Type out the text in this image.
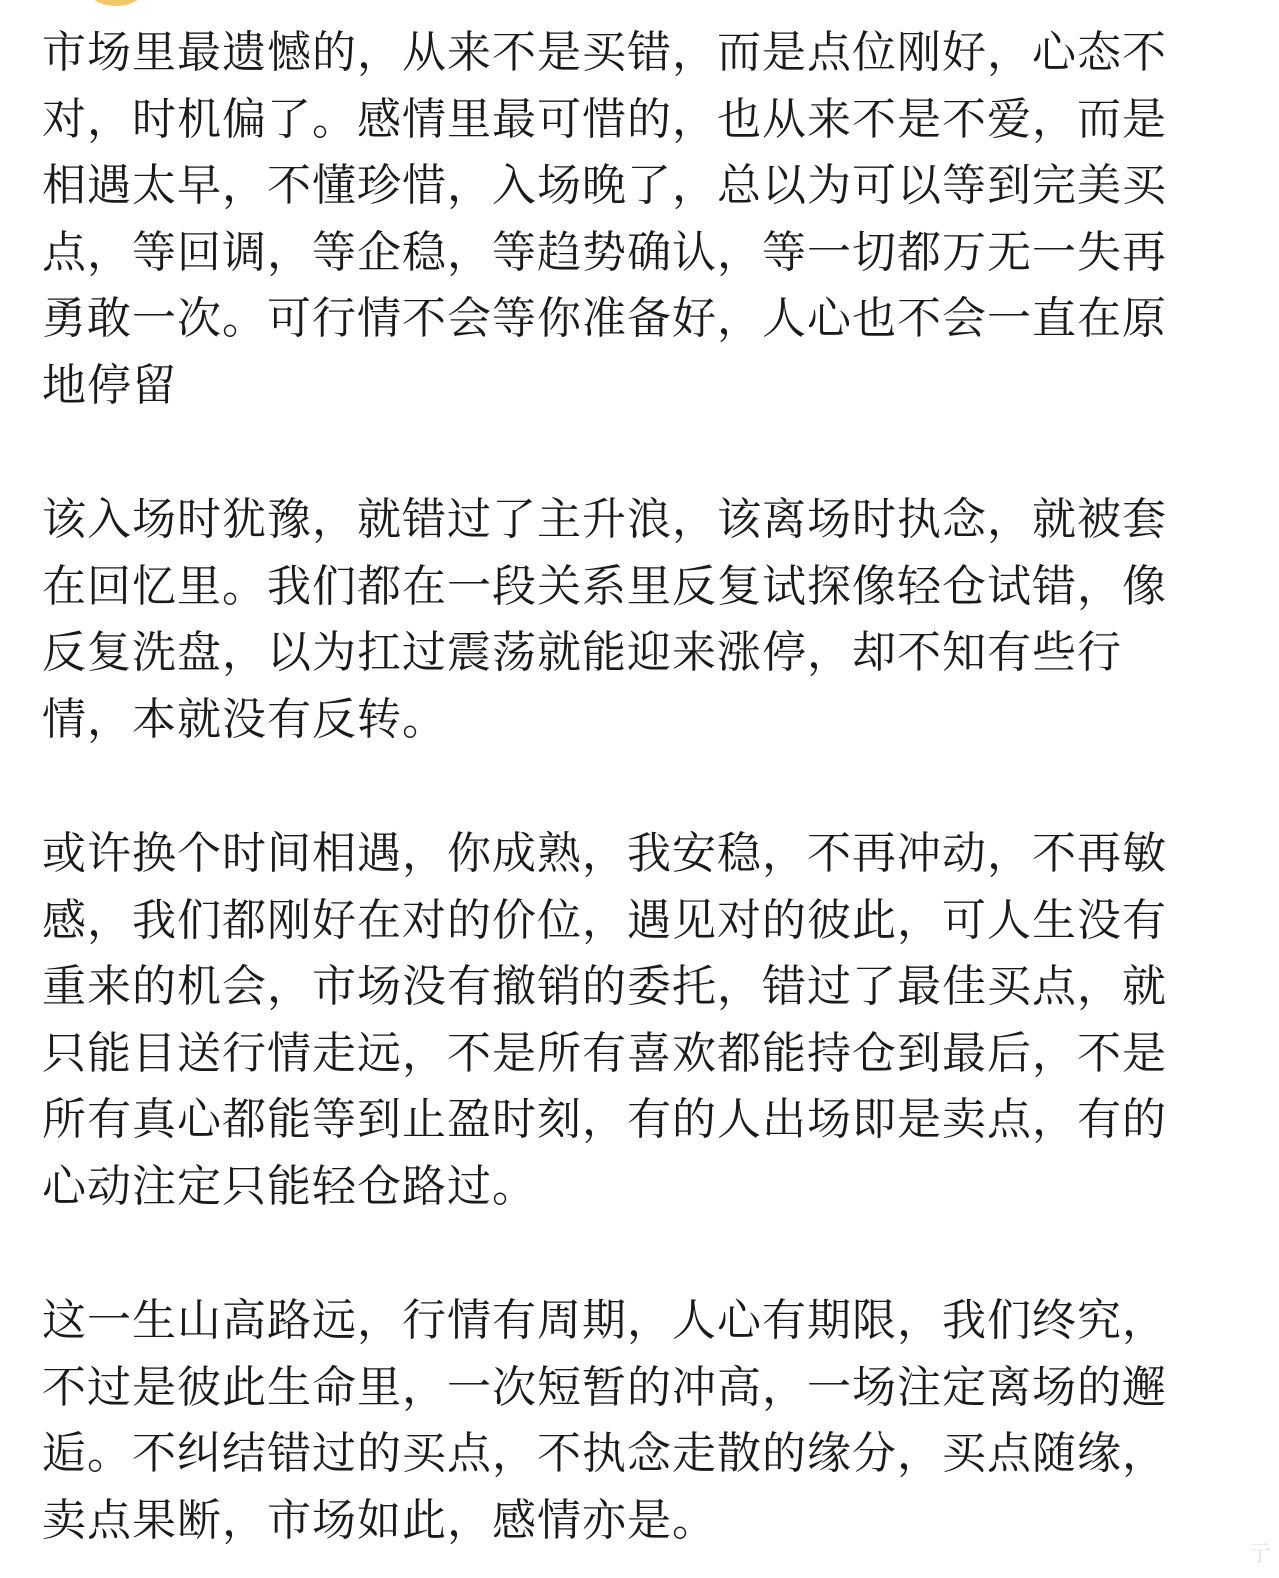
市场里最遗憾的，从来不是买错，而是点位刚好，心态不对，时机偏了。感情里最可惜的，也从来不是不爱，而是相遇太早，不懂珍惜，入场晚了，总以为可以等到完美买点，等回调，等企稳，等趋势确认，等一切都万无一失再勇敢一次。可行情不会等你准备好，人心也不会一直在原地停留

该入场时犹豫，就错过了主升浪，该离场时执念，就被套在回忆里。我们都在一段关系里反复试探像轻仓试错，像反复洗盘，以为扛过震荡就能迎来涨停，却不知有些行情，本就没有反转。

或许换个时间相遇，你成熟，我安稳，不再冲动，不再敏感，我们都刚好在对的价位，遇见对的彼此，可人生没有重来的机会，市场没有撤销的委托，错过了最佳买点，就只能目送行情走远，不是所有喜欢都能持仓到最后，不是所有真心都能等到止盈时刻，有的人出场即是卖点，有的心动注定只能轻仓路过。

这一生山高路远，行情有周期，人心有期限，我们终究，不过是彼此生命里，一次短暂的冲高，一场注定离场的邂逅。不纠结错过的买点，不执念走散的缘分，买点随缘，卖点果断，市场如此，感情亦是。

亍
